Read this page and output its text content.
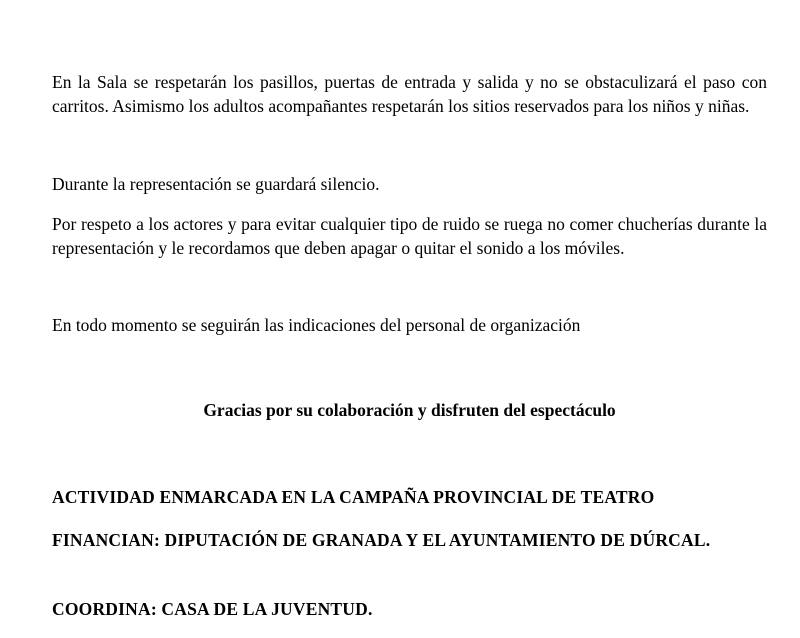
En la Sala se respetarán los pasillos, puertas de entrada y salida y no se obstaculizará el paso con carritos. Asimismo los adultos acompañantes respetarán los sitios reservados para los niños y niñas.

Durante la representación se guardará silencio.

Por respeto a los actores y para evitar cualquier tipo de ruido se ruega no comer chucherías durante la representación y le recordamos que deben apagar o quitar el sonido a los móviles.

En todo momento se seguirán las indicaciones del personal de organización

Gracias por su colaboración y disfruten del espectáculo

ACTIVIDAD ENMARCADA EN LA CAMPAÑA PROVINCIAL DE TEATRO

FINANCIAN: DIPUTACIÓN DE GRANADA Y EL AYUNTAMIENTO DE DÚRCAL.

COORDINA: CASA DE LA JUVENTUD.
